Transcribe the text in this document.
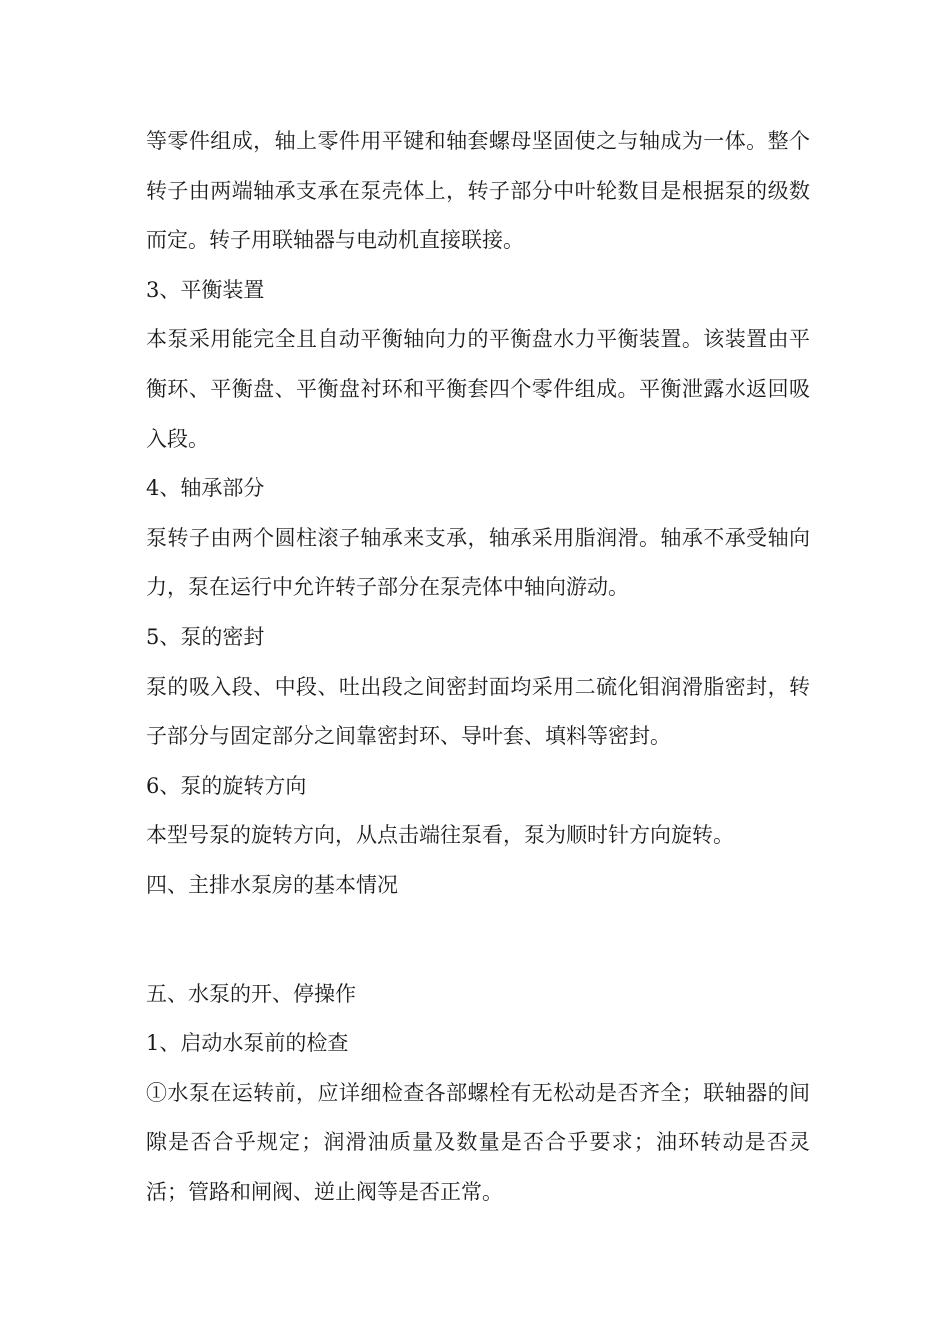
等零件组成，轴上零件用平键和轴套螺母坚固使之与轴成为一体。整个转子由两端轴承支承在泵壳体上，转子部分中叶轮数目是根据泵的级数而定。转子用联轴器与电动机直接联接。

3、平衡装置

本泵采用能完全且自动平衡轴向力的平衡盘水力平衡装置。该装置由平衡环、平衡盘、平衡盘衬环和平衡套四个零件组成。平衡泄露水返回吸入段。

4、轴承部分

泵转子由两个圆柱滚子轴承来支承，轴承采用脂润滑。轴承不承受轴向力，泵在运行中允许转子部分在泵壳体中轴向游动。

5、泵的密封

泵的吸入段、中段、吐出段之间密封面均采用二硫化钼润滑脂密封，转子部分与固定部分之间靠密封环、导叶套、填料等密封。

6、泵的旋转方向

本型号泵的旋转方向，从点击端往泵看，泵为顺时针方向旋转。

四、主排水泵房的基本情况

五、水泵的开、停操作

1、启动水泵前的检查

①水泵在运转前，应详细检查各部螺栓有无松动是否齐全；联轴器的间隙是否合乎规定；润滑油质量及数量是否合乎要求；油环转动是否灵活；管路和闸阀、逆止阀等是否正常。
